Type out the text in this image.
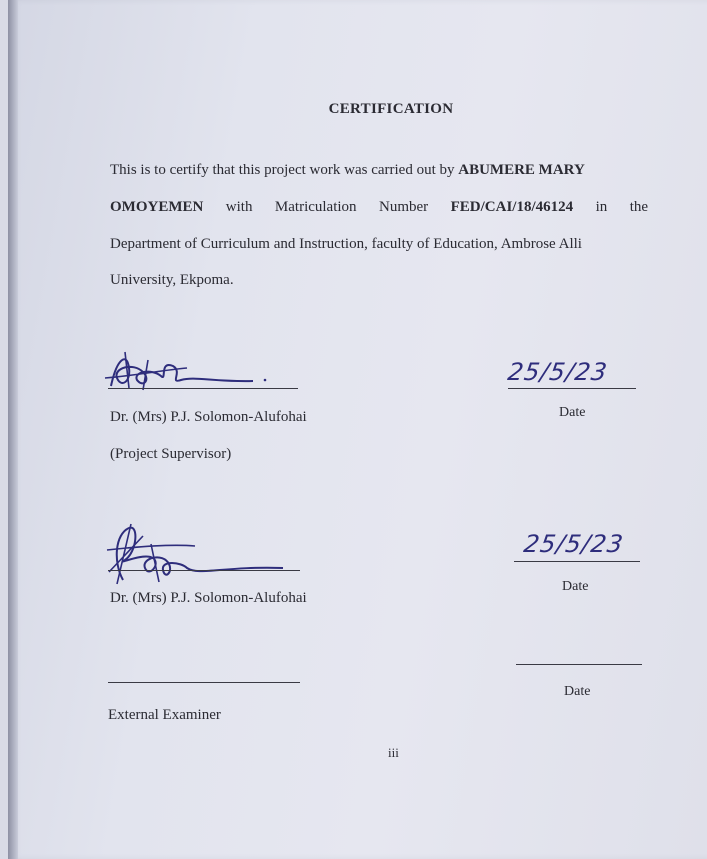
CERTIFICATION
This is to certify that this project work was carried out by ABUMERE MARY
OMOYEMEN with Matriculation Number FED/CAI/18/46124 in the
Department of Curriculum and Instruction, faculty of Education, Ambrose Alli
University, Ekpoma.
Dr. (Mrs) P.J. Solomon-Alufohai
(Project Supervisor)
25/5/23
Date
Dr. (Mrs) P.J. Solomon-Alufohai
25/5/23
Date
External Examiner
Date
iii
